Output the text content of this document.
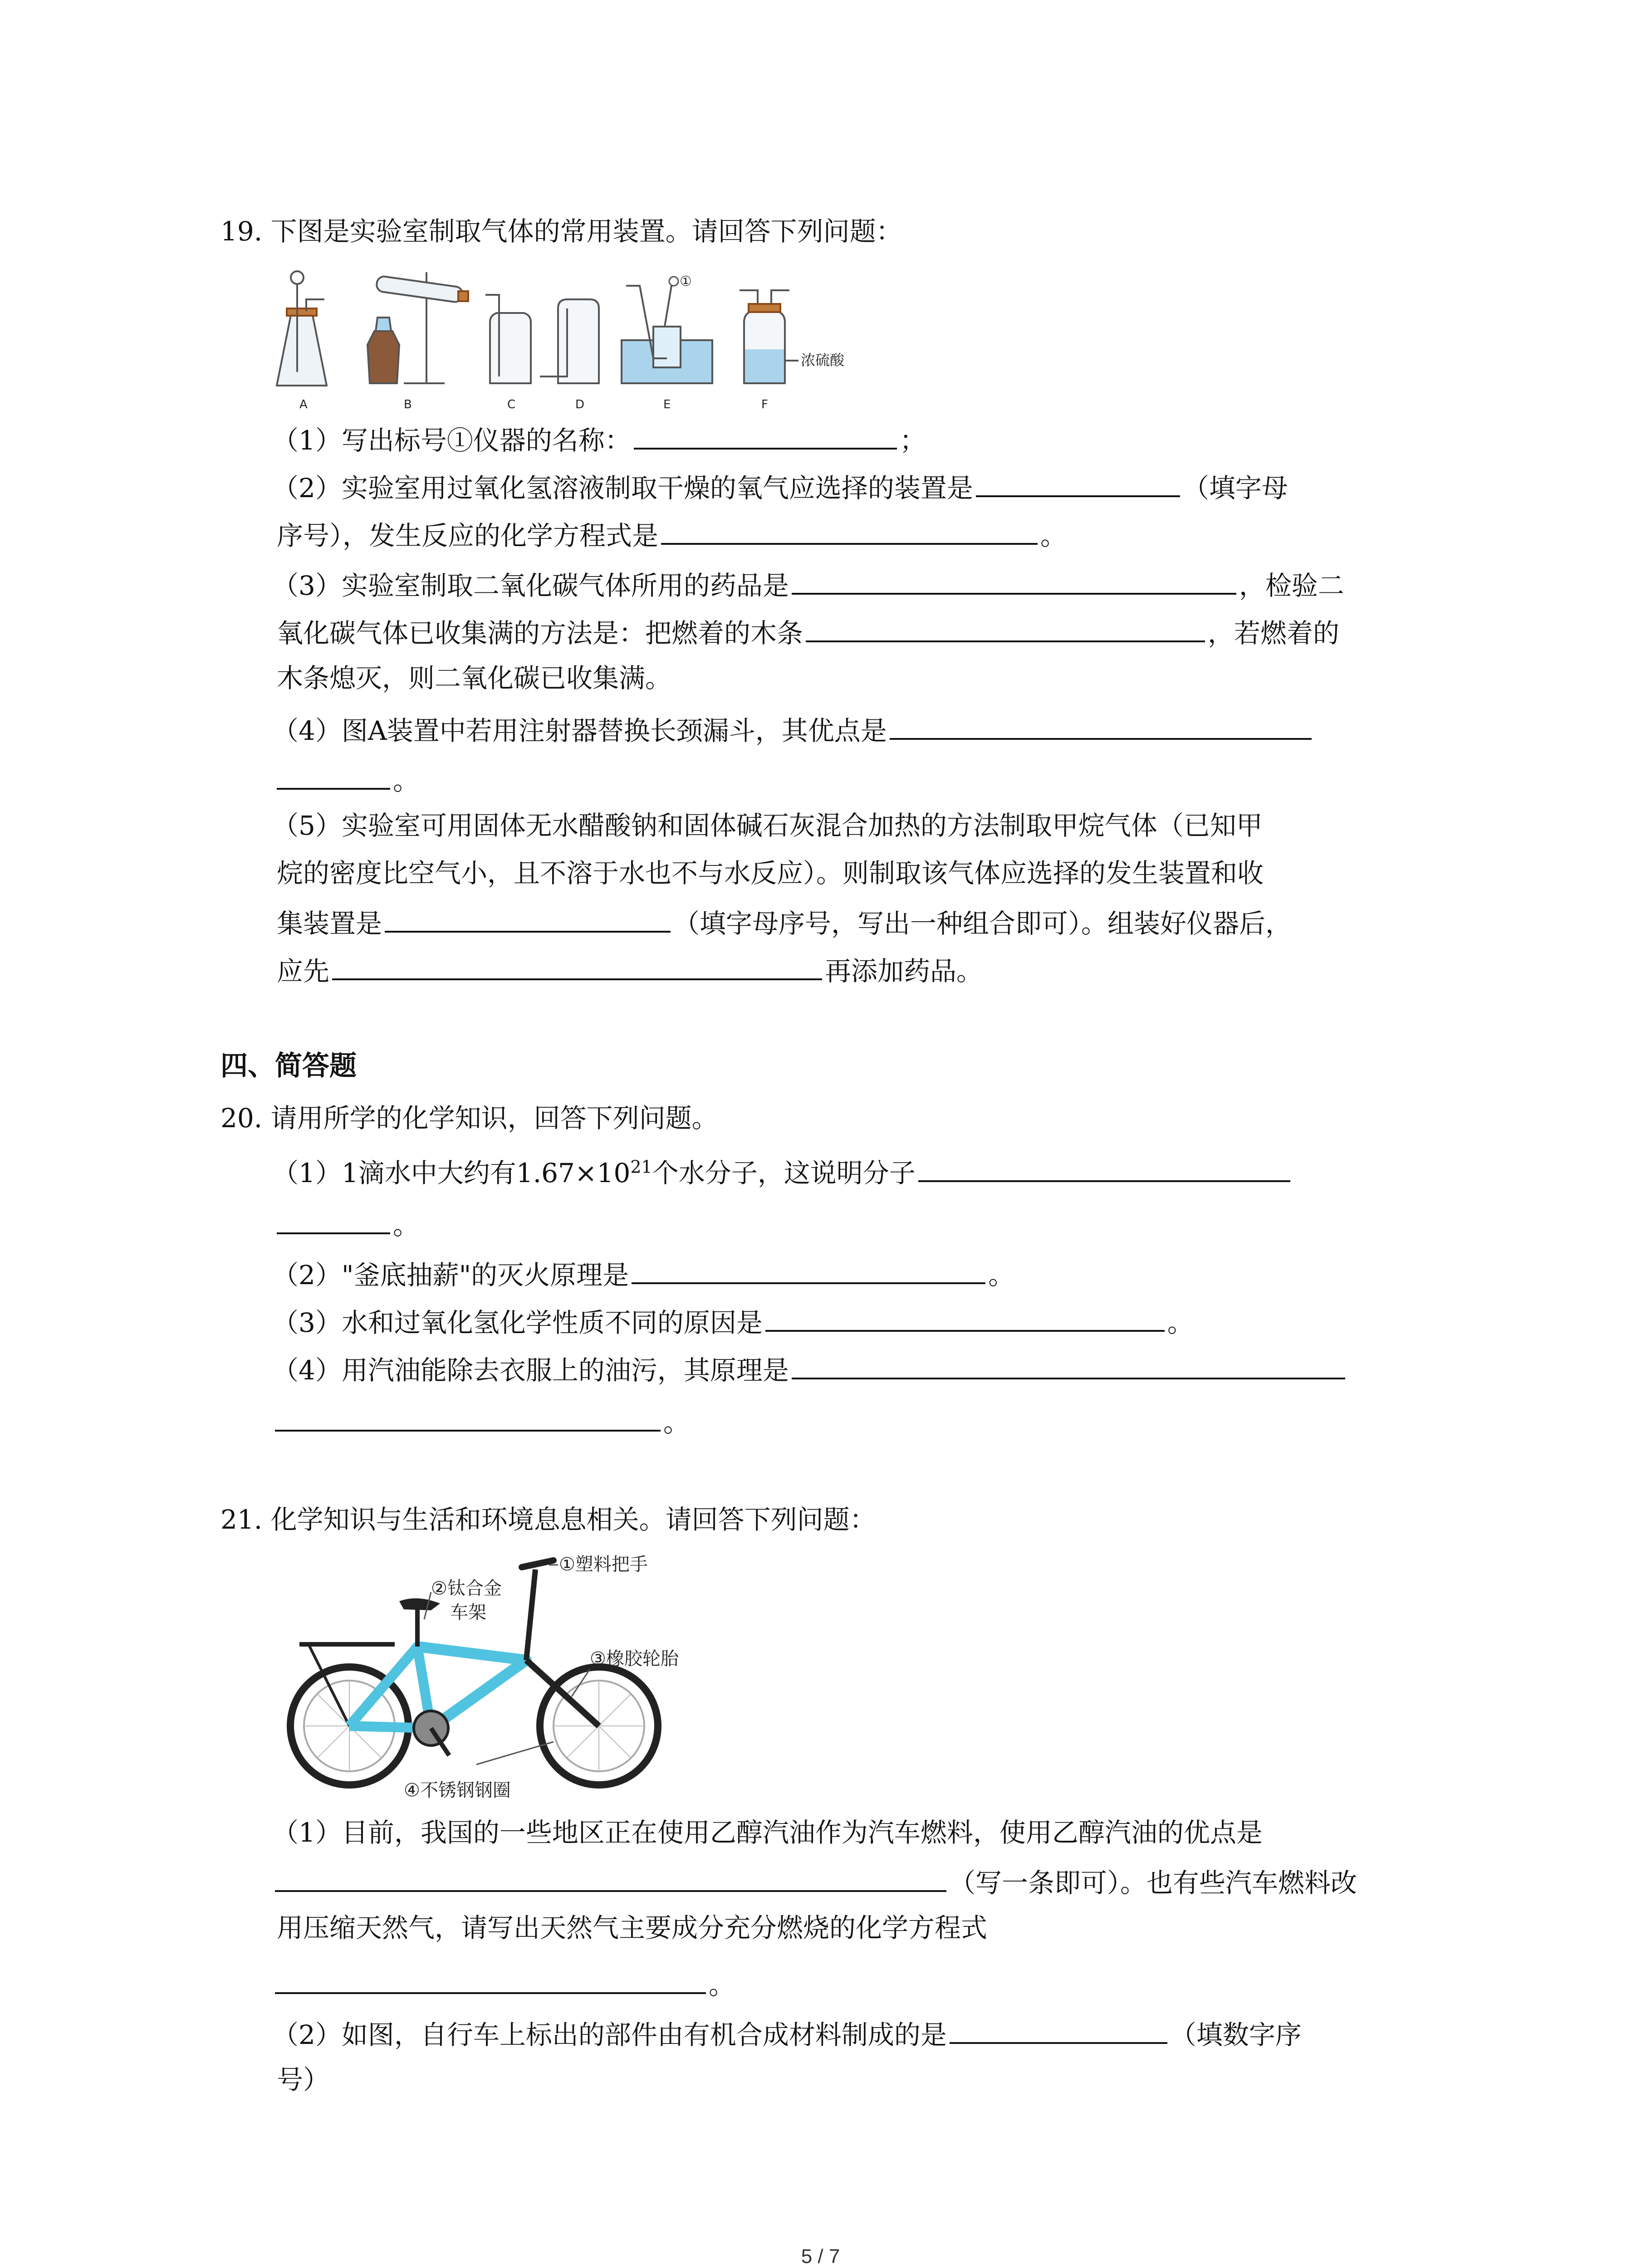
19. 下图是实验室制取气体的常用装置。请回答下列问题：
①
浓硫酸
A	B	C	D	E	F
（1）写出标号①仪器的名称：	；
（2）实验室用过氧化氢溶液制取干燥的氧气应选择的装置是	（填字母
序号），发生反应的化学方程式是	。
（3）实验室制取二氧化碳气体所用的药品是	，检验二
氧化碳气体已收集满的方法是：把燃着的木条	，若燃着的
木条熄灭，则二氧化碳已收集满。
（4）图A装置中若用注射器替换长颈漏斗，其优点是
。
（5）实验室可用固体无水醋酸钠和固体碱石灰混合加热的方法制取甲烷气体（已知甲
烷的密度比空气小，且不溶于水也不与水反应）。则制取该气体应选择的发生装置和收
集装置是	（填字母序号，写出一种组合即可）。组装好仪器后，
应先	再添加药品。
四、简答题
20. 请用所学的化学知识，回答下列问题。
（1）1滴水中大约有$1.67\times 10^{21}$个水分子，这说明分子
。
（2）"釜底抽薪"的灭火原理是	。
（3）水和过氧化氢化学性质不同的原因是	。
（4）用汽油能除去衣服上的油污，其原理是
。
21. 化学知识与生活和环境息息相关。请回答下列问题：
①塑料把手
②钛合金
车架
③橡胶轮胎
④不锈钢钢圈
（1）目前，我国的一些地区正在使用乙醇汽油作为汽车燃料，使用乙醇汽油的优点是
（写一条即可）。也有些汽车燃料改
用压缩天然气，请写出天然气主要成分充分燃烧的化学方程式
。
（2）如图，自行车上标出的部件由有机合成材料制成的是	（填数字序
号）
5 / 7
